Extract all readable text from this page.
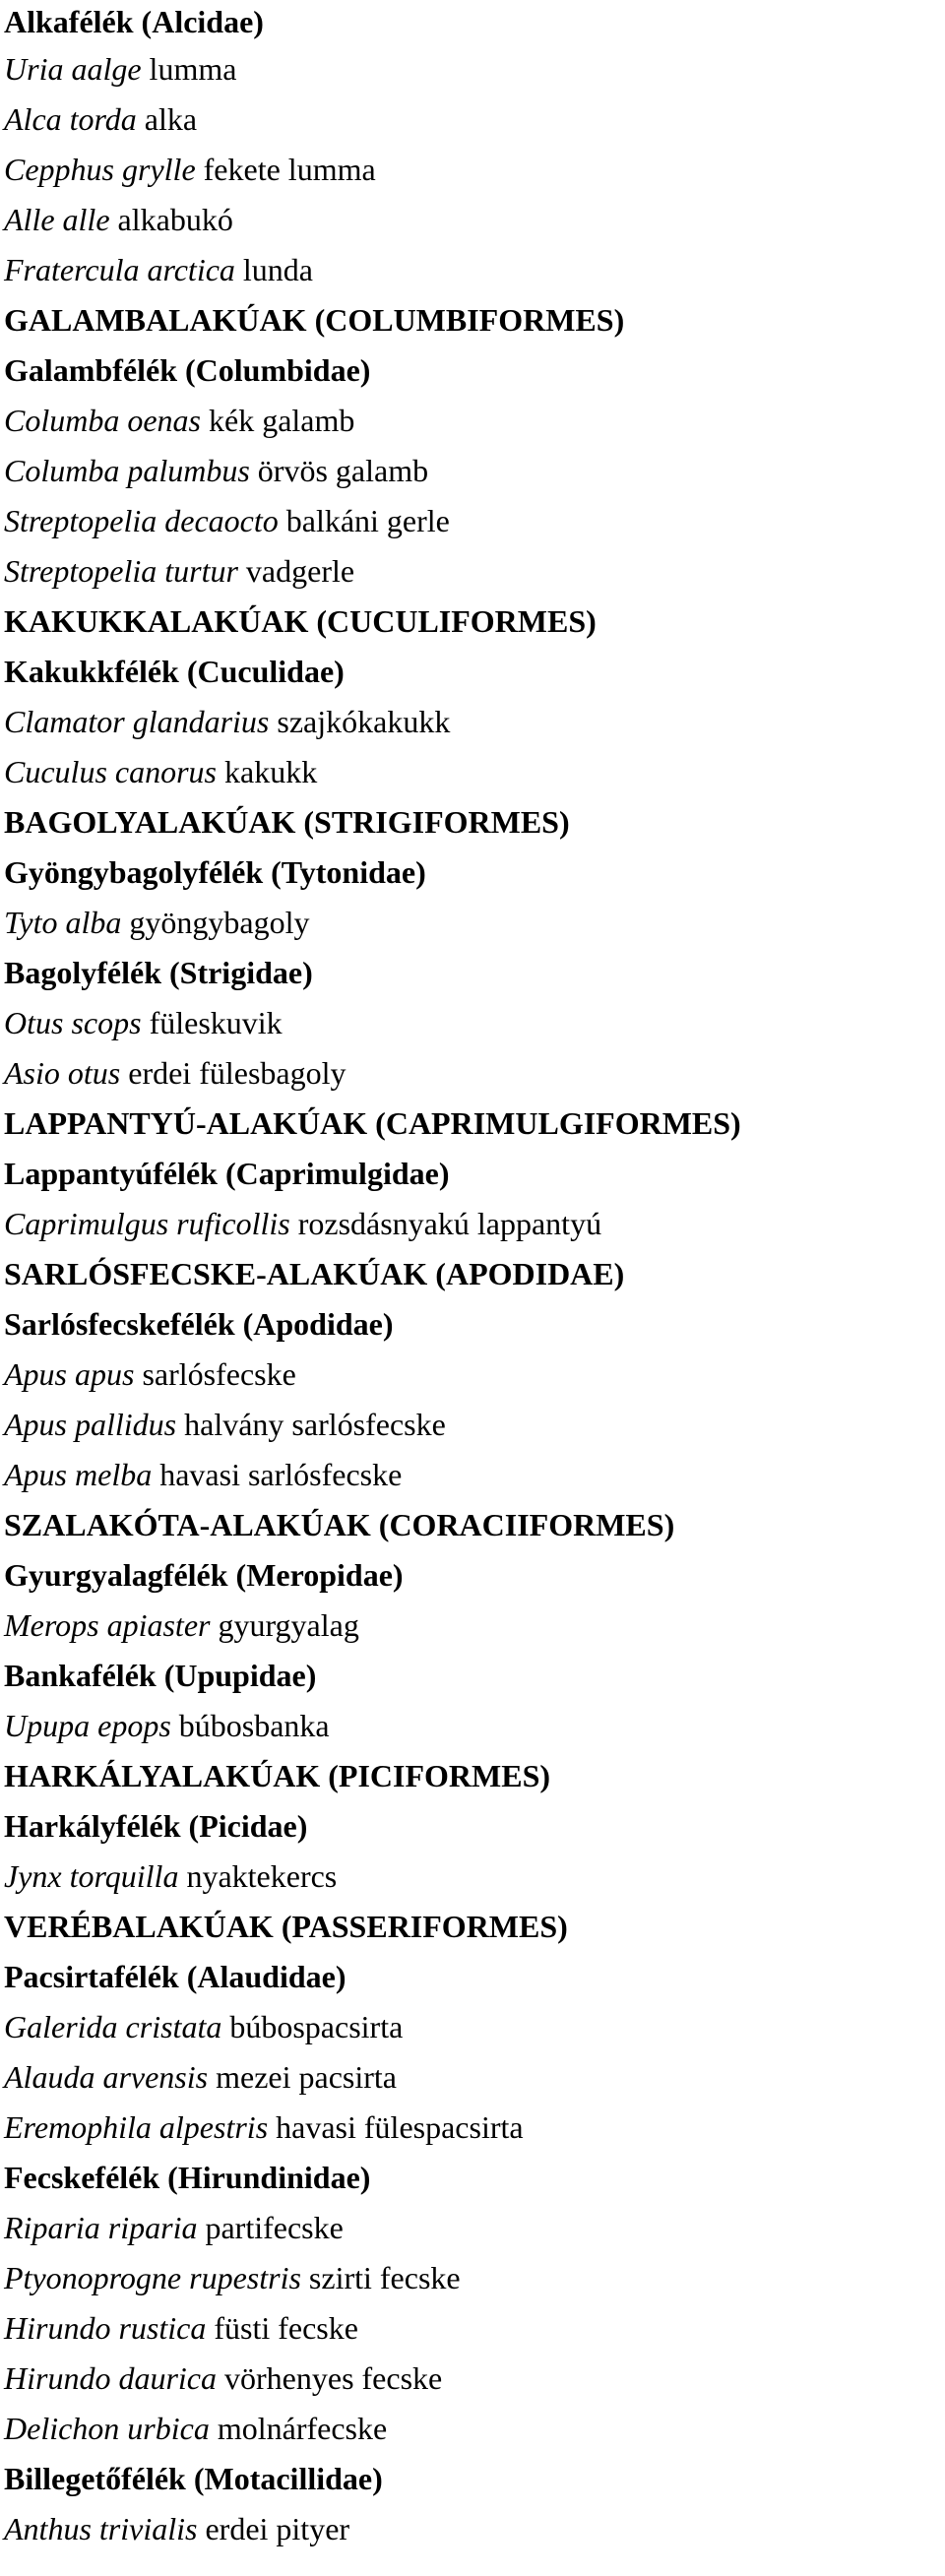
Alkafélék (Alcidae)
Uria aalge lumma
Alca torda alka
Cepphus grylle fekete lumma
Alle alle alkabukó
Fratercula arctica lunda
GALAMBALAKÚAK (COLUMBIFORMES)
Galambfélék (Columbidae)
Columba oenas kék galamb
Columba palumbus örvös galamb
Streptopelia decaocto balkáni gerle
Streptopelia turtur vadgerle
KAKUKKALAKÚAK (CUCULIFORMES)
Kakukkfélék (Cuculidae)
Clamator glandarius szajkókakukk
Cuculus canorus kakukk
BAGOLYALAKÚAK (STRIGIFORMES)
Gyöngybagolyfélék (Tytonidae)
Tyto alba gyöngybagoly
Bagolyfélék (Strigidae)
Otus scops füleskuvik
Asio otus erdei fülesbagoly
LAPPANTYÚ-ALAKÚAK (CAPRIMULGIFORMES)
Lappantyúfélék (Caprimulgidae)
Caprimulgus ruficollis rozsdásnyakú lappantyú
SARLÓSFECSKE-ALAKÚAK (APODIDAE)
Sarlósfecskefélék (Apodidae)
Apus apus sarlósfecske
Apus pallidus halvány sarlósfecske
Apus melba havasi sarlósfecske
SZALAKÓTA-ALAKÚAK (CORACIIFORMES)
Gyurgyalagfélék (Meropidae)
Merops apiaster gyurgyalag
Bankafélék (Upupidae)
Upupa epops búbosbanka
HARKÁLYALAKÚAK (PICIFORMES)
Harkályfélék (Picidae)
Jynx torquilla nyaktekercs
VERÉBALAKÚAK (PASSERIFORMES)
Pacsirtafélék (Alaudidae)
Galerida cristata búbospacsirta
Alauda arvensis mezei pacsirta
Eremophila alpestris havasi fülespacsirta
Fecskefélék (Hirundinidae)
Riparia riparia partifecske
Ptyonoprogne rupestris szirti fecske
Hirundo rustica füsti fecske
Hirundo daurica vörhenyes fecske
Delichon urbica molnárfecske
Billegetőfélék (Motacillidae)
Anthus trivialis erdei pityer
